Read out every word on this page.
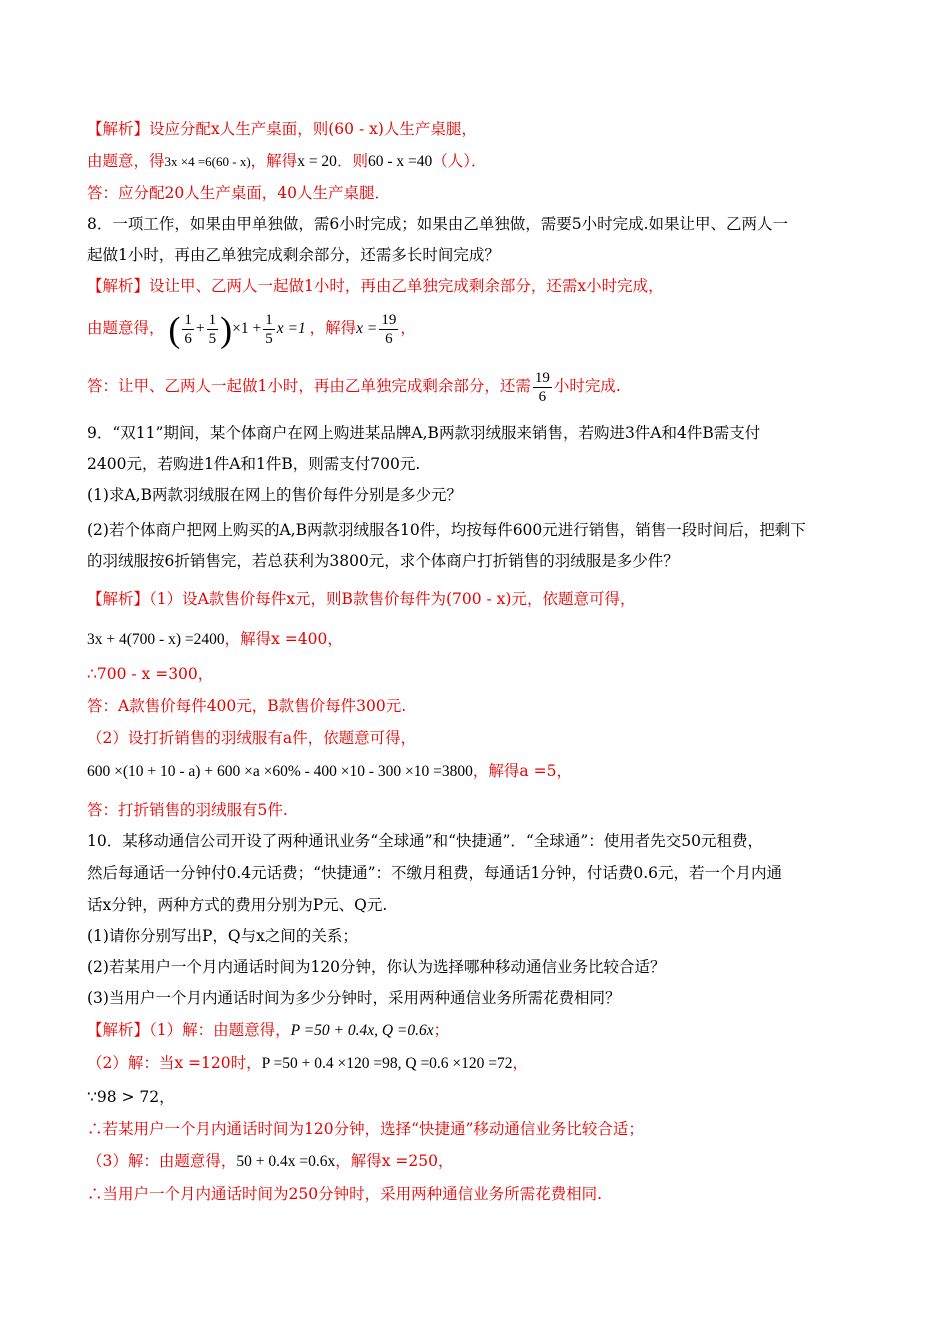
【解析】设应分配x人生产桌面，则(60 - x)人生产桌腿，
由题意，得3x ×4 =6(60 - x)，解得x = 20．则60 - x =40（人）．
答：应分配20人生产桌面，40人生产桌腿．
8．一项工作，如果由甲单独做，需6小时完成；如果由乙单独做，需要5小时完成.如果让甲、乙两人一
起做1小时，再由乙单独完成剩余部分，还需多长时间完成？
【解析】设让甲、乙两人一起做1小时，再由乙单独完成剩余部分，还需x小时完成，
由题意得， ( $\frac{1}{6} + \frac{1}{5} )\times 1 + \frac{1}{5}$ x =1 ，解得$x = \frac{19}{6}$ ，
答：让甲、乙两人一起做1小时，再由乙单独完成剩余部分，还需 $\frac{19}{6}$ 小时完成.
9．“双11”期间，某个体商户在网上购进某品牌A,B两款羽绒服来销售，若购进3件A和4件B需支付
2400元，若购进1件A和1件B，则需支付700元.
(1)求A,B两款羽绒服在网上的售价每件分别是多少元？
(2)若个体商户把网上购买的A,B两款羽绒服各10件，均按每件600元进行销售，销售一段时间后，把剩下
的羽绒服按6折销售完，若总获利为3800元，求个体商户打折销售的羽绒服是多少件？
【解析】（1）设A款售价每件x元，则B款售价每件为(700 - x)元，依题意可得，
3x + 4(700 - x) =2400，解得x =400，
∴700 - x =300，
答：A款售价每件400元，B款售价每件300元.
（2）设打折销售的羽绒服有a件，依题意可得，
600 ×(10 + 10 - a) + 600 ×a ×60% - 400 ×10 - 300 ×10 =3800，解得a =5，
答：打折销售的羽绒服有5件.
10．某移动通信公司开设了两种通讯业务“全球通”和“快捷通”．“全球通”：使用者先交50元租费，
然后每通话一分钟付0.4元话费；“快捷通”：不缴月租费，每通话1分钟，付话费0.6元，若一个月内通
话x分钟，两种方式的费用分别为P元、Q元.
(1)请你分别写出P，Q与x之间的关系；
(2)若某用户一个月内通话时间为120分钟，你认为选择哪种移动通信业务比较合适？
(3)当用户一个月内通话时间为多少分钟时，采用两种通信业务所需花费相同？
【解析】（1）解：由题意得，P =50 + 0.4x, Q =0.6x；
（2）解：当x =120时，P =50 + 0.4 ×120 =98, Q =0.6 ×120 =72，
∵98 > 72，
∴若某用户一个月内通话时间为120分钟，选择“快捷通”移动通信业务比较合适；
（3）解：由题意得，50 + 0.4x =0.6x，解得x =250，
∴当用户一个月内通话时间为250分钟时，采用两种通信业务所需花费相同.
